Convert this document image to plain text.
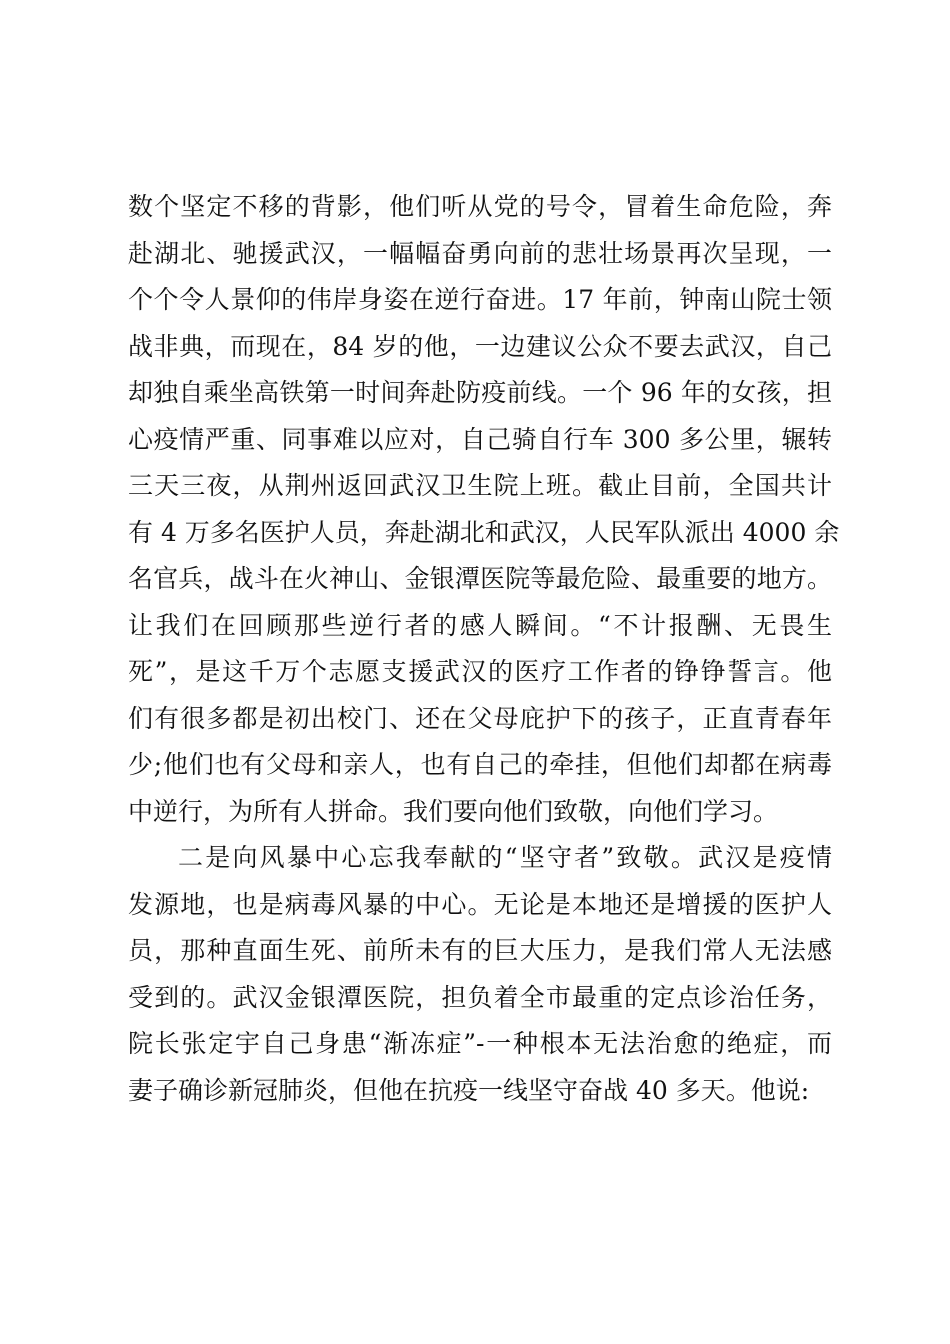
数个坚定不移的背影，他们听从党的号令，冒着生命危险，奔
赴湖北、驰援武汉，一幅幅奋勇向前的悲壮场景再次呈现，一
个个令人景仰的伟岸身姿在逆行奋进。17 年前，钟南山院士领
战非典，而现在，84 岁的他，一边建议公众不要去武汉，自己
却独自乘坐高铁第一时间奔赴防疫前线。一个 96 年的女孩，担
心疫情严重、同事难以应对，自己骑自行车 300 多公里，辗转
三天三夜，从荆州返回武汉卫生院上班。截止目前，全国共计
有 4 万多名医护人员，奔赴湖北和武汉，人民军队派出 4000 余
名官兵，战斗在火神山、金银潭医院等最危险、最重要的地方。
让我们在回顾那些逆行者的感人瞬间。“不计报酬、无畏生
死”，是这千万个志愿支援武汉的医疗工作者的铮铮誓言。他
们有很多都是初出校门、还在父母庇护下的孩子，正直青春年
少;他们也有父母和亲人，也有自己的牵挂，但他们却都在病毒
中逆行，为所有人拼命。我们要向他们致敬，向他们学习。
二是向风暴中心忘我奉献的“坚守者”致敬。武汉是疫情
发源地，也是病毒风暴的中心。无论是本地还是增援的医护人
员，那种直面生死、前所未有的巨大压力，是我们常人无法感
受到的。武汉金银潭医院，担负着全市最重的定点诊治任务，
院长张定宇自己身患“渐冻症”-一种根本无法治愈的绝症，而
妻子确诊新冠肺炎，但他在抗疫一线坚守奋战 40 多天。他说:
